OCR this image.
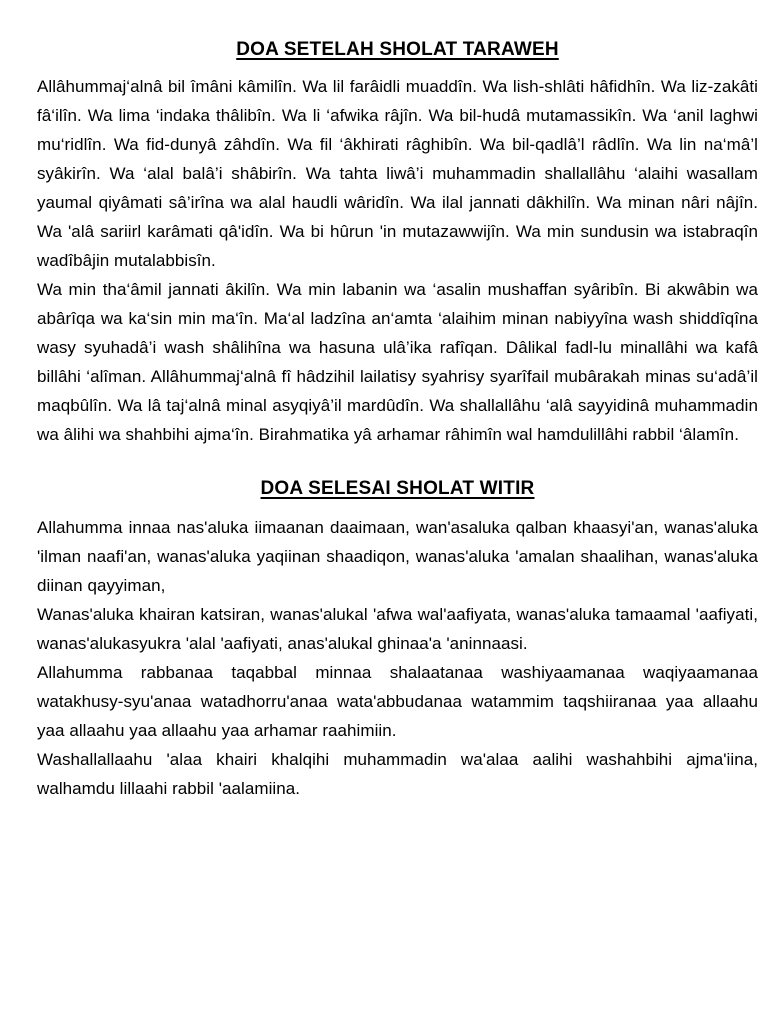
DOA SETELAH SHOLAT TARAWEH

Allâhummaj‘alnâ bil îmâni kâmilîn. Wa lil farâidli muaddîn. Wa lish-shlâti hâfidhîn. Wa liz-zakâti fâ‘ilîn. Wa lima ‘indaka thâlibîn. Wa li ‘afwika râjîn. Wa bil-hudâ mutamassikîn. Wa ‘anil laghwi mu‘ridlîn. Wa fid-dunyâ zâhdîn. Wa fil ‘âkhirati râghibîn. Wa bil-qadlâ’l râdlîn. Wa lin na‘mâ’l syâkirîn. Wa ‘alal balâ’i shâbirîn. Wa tahta liwâ’i muhammadin shallallâhu ‘alaihi wasallam yaumal qiyâmati sâ’irîna wa alal haudli wâridîn. Wa ilal jannati dâkhilîn. Wa minan nâri nâjîn. Wa 'alâ sariirl karâmati qâ'idîn. Wa bi hûrun 'in mutazawwijîn. Wa min sundusin wa istabraqîn wadîbâjin mutalabbisîn.

Wa min tha‘âmil jannati âkilîn. Wa min labanin wa ‘asalin mushaffan syâribîn. Bi akwâbin wa abârîqa wa ka‘sin min ma‘în. Ma‘al ladzîna an‘amta ‘alaihim minan nabiyyîna wash shiddîqîna wasy syuhadâ’i wash shâlihîna wa hasuna ulâ’ika rafîqan. Dâlikal fadl-lu minallâhi wa kafâ billâhi ‘alîman. Allâhummaj‘alnâ fî hâdzihil lailatisy syahrisy syarîfail mubârakah minas su‘adâ’il maqbûlîn. Wa lâ taj‘alnâ minal asyqiyâ’il mardûdîn. Wa shallallâhu ‘alâ sayyidinâ muhammadin wa âlihi wa shahbihi ajma‘în. Birahmatika yâ arhamar râhimîn wal hamdulillâhi rabbil ‘âlamîn.

DOA SELESAI SHOLAT WITIR

Allahumma innaa nas'aluka iimaanan daaimaan, wan'asaluka qalban khaasyi'an, wanas'aluka 'ilman naafi'an, wanas'aluka yaqiinan shaadiqon, wanas'aluka 'amalan shaalihan, wanas'aluka diinan qayyiman,

Wanas'aluka khairan katsiran, wanas'alukal 'afwa wal'aafiyata, wanas'aluka tamaamal 'aafiyati, wanas'alukasyukra 'alal 'aafiyati, anas'alukal ghinaa'a 'aninnaasi.

Allahumma rabbanaa taqabbal minnaa shalaatanaa washiyaamanaa waqiyaamanaa watakhusy-syu'anaa watadhorru'anaa wata'abbudanaa watammim taqshiiranaa yaa allaahu yaa allaahu yaa allaahu yaa arhamar raahimiin.

Washallallaahu 'alaa khairi khalqihi muhammadin wa'alaa aalihi washahbihi ajma'iina, walhamdu lillaahi rabbil 'aalamiina.
